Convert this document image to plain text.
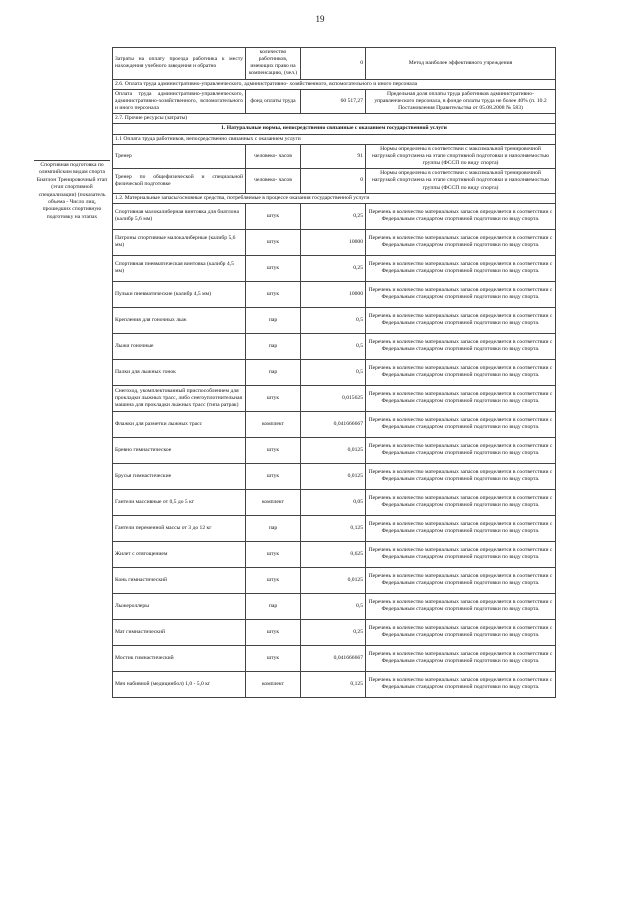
19
Спортивная подготовка по олимпийским видам спорта Биатлон Тренировочный этап (этап спортивной специализации) (показатель объема - Число лиц, прошедших спортивную подготовку на этапах
Затраты на оплату проезда работника к месту нахождения учебного заведения и обратно	количество работников, имеющих право на компенсацию, (чел.)	0	Метод наиболее эффективного учреждения
2.6. Оплата труда административно-управленческого, административно- хозяйственного, вспомогательного и иного персонала			
Оплата труда административно-управленческого, административно-хозяйственного, вспомогательного и иного персонала	фонд оплаты труда	60 517,27	Предельная доля оплаты труда работников административно- управленческого персонала, в фонде оплаты труда не более 40% (п. 10.2 Постановления Правительства от 05.08.2008 № 583)
2.7. Прочие ресурсы (затраты)			
1. Натуральные нормы, непосредственно связанные с оказанием государственной услуги			
1.1 Оплата труда работников, непосредственно связанных с оказанием услуги			
Тренер	человеко- часов	91	Нормы определены в соответствии с максимальной тренировочной нагрузкой спортсмена на этапе спортивной подготовки и наполняемостью группы (ФССП по виду спорта)
Тренер по общефизической и специальной физической подготовке	человеко- часов	0	Нормы определены в соответствии с максимальной тренировочной нагрузкой спортсмена на этапе спортивной подготовки и наполняемостью группы (ФССП по виду спорта)
1.2. Материальные запасы/основные средства, потребляемые в процессе оказания государственной услуги			
Спортивная малокалиберная винтовка для биатлона (калибр 5,6 мм)	штук	0,25	Перечень и количество материальных запасов определяется в соответствии с Федеральным стандартом спортивной подготовки по виду спорта.
Патроны спортивные малокалиберные (калибр 5,6 мм)	штук	10000	Перечень и количество материальных запасов определяется в соответствии с Федеральным стандартом спортивной подготовки по виду спорта.
Спортивная пневматическая винтовка (калибр 4,5 мм)	штук	0,25	Перечень и количество материальных запасов определяется в соответствии с Федеральным стандартом спортивной подготовки по виду спорта.
Пульки пневматические (калибр 4,5 мм)	штук	10000	Перечень и количество материальных запасов определяется в соответствии с Федеральным стандартом спортивной подготовки по виду спорта.
Крепления для гоночных лыж	пар	0,5	Перечень и количество материальных запасов определяется в соответствии с Федеральным стандартом спортивной подготовки по виду спорта.
Лыжи гоночные	пар	0,5	Перечень и количество материальных запасов определяется в соответствии с Федеральным стандартом спортивной подготовки по виду спорта.
Палки для лыжных гонок	пар	0,5	Перечень и количество материальных запасов определяется в соответствии с Федеральным стандартом спортивной подготовки по виду спорта.
Снегоход, укомплектованный приспособлением для прокладки лыжных трасс, либо снегоуплотнительная машина для прокладки лыжных трасс (типа ратрак)	штук	0,015625	Перечень и количество материальных запасов определяется в соответствии с Федеральным стандартом спортивной подготовки по виду спорта.
Флажки для разметки лыжных трасс	комплект	0,041666667	Перечень и количество материальных запасов определяется в соответствии с Федеральным стандартом спортивной подготовки по виду спорта.
Бревно гимнастическое	штук	0,0125	Перечень и количество материальных запасов определяется в соответствии с Федеральным стандартом спортивной подготовки по виду спорта.
Брусья гимнастические	штук	0,0125	Перечень и количество материальных запасов определяется в соответствии с Федеральным стандартом спортивной подготовки по виду спорта.
Гантели массивные от 0,5 до 5 кг	комплект	0,05	Перечень и количество материальных запасов определяется в соответствии с Федеральным стандартом спортивной подготовки по виду спорта.
Гантели переменной массы от 3 до 12 кг	пар	0,125	Перечень и количество материальных запасов определяется в соответствии с Федеральным стандартом спортивной подготовки по виду спорта.
Жилет с отягощением	штук	0,625	Перечень и количество материальных запасов определяется в соответствии с Федеральным стандартом спортивной подготовки по виду спорта.
Конь гимнастический	штук	0,0125	Перечень и количество материальных запасов определяется в соответствии с Федеральным стандартом спортивной подготовки по виду спорта.
Лыжероллеры	пар	0,5	Перечень и количество материальных запасов определяется в соответствии с Федеральным стандартом спортивной подготовки по виду спорта.
Мат гимнастический	штук	0,25	Перечень и количество материальных запасов определяется в соответствии с Федеральным стандартом спортивной подготовки по виду спорта.
Мостик гимнастический	штук	0,041666667	Перечень и количество материальных запасов определяется в соответствии с Федеральным стандартом спортивной подготовки по виду спорта.
Мяч набивной (медицинбол) 1,0 - 5,0 кг	комплект	0,125	Перечень и количество материальных запасов определяется в соответствии с Федеральным стандартом спортивной подготовки по виду спорта.
